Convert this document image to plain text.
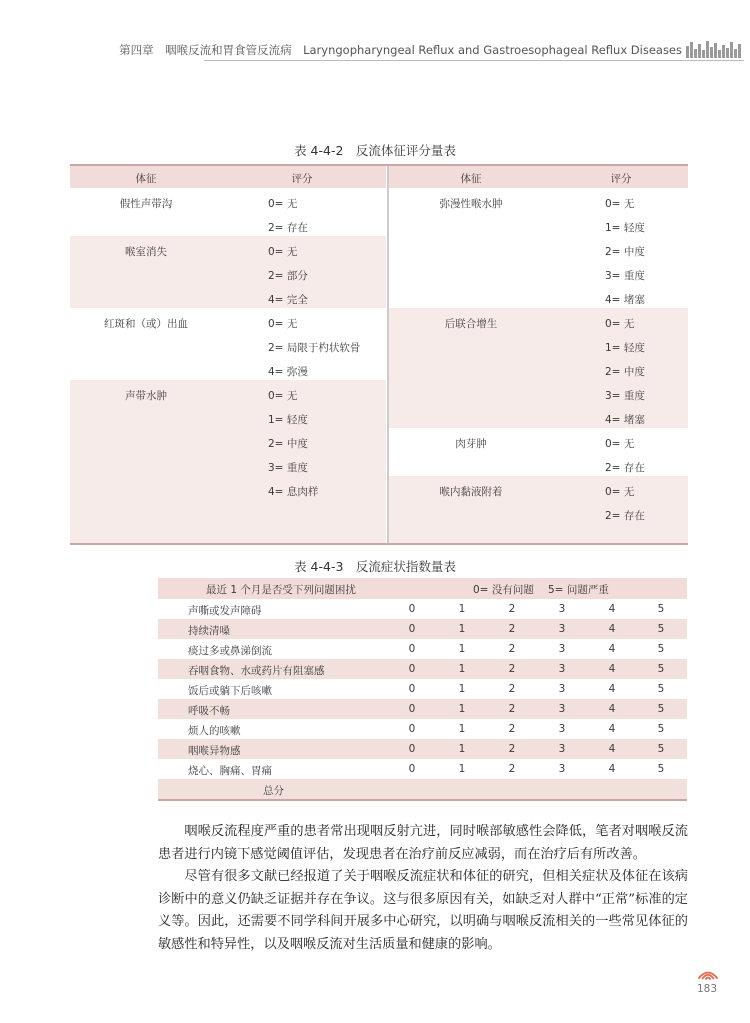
第四章　咽喉反流和胃食管反流病　Laryngopharyngeal Reflux and Gastroesophageal Reflux Diseases
表 4-4-2　反流体征评分量表
体征	评分
假性声带沟	0= 无
2= 存在
喉室消失	0= 无
2= 部分
4= 完全
红斑和（或）出血	0= 无
2= 局限于杓状软骨
4= 弥漫
声带水肿	0= 无
1= 轻度
2= 中度
3= 重度
4= 息肉样
体征	评分
弥漫性喉水肿	0= 无
1= 轻度
2= 中度
3= 重度
4= 堵塞
后联合增生	0= 无
1= 轻度
2= 中度
3= 重度
4= 堵塞
肉芽肿	0= 无
2= 存在
喉内黏液附着	0= 无
2= 存在
表 4-4-3　反流症状指数量表
最近 1 个月是否受下列问题困扰	0= 没有问题 5= 问题严重
声嘶或发声障碍	0	1	2	3	4	5
持续清嗓	0	1	2	3	4	5
痰过多或鼻涕倒流	0	1	2	3	4	5
吞咽食物、水或药片有阻塞感	0	1	2	3	4	5
饭后或躺下后咳嗽	0	1	2	3	4	5
呼吸不畅	0	1	2	3	4	5
烦人的咳嗽	0	1	2	3	4	5
咽喉异物感	0	1	2	3	4	5
烧心、胸痛、胃痛	0	1	2	3	4	5
总分

咽喉反流程度严重的患者常出现咽反射亢进，同时喉部敏感性会降低，笔者对咽喉反流患者进行内镜下感觉阈值评估，发现患者在治疗前反应减弱，而在治疗后有所改善。

尽管有很多文献已经报道了关于咽喉反流症状和体征的研究，但相关症状及体征在该病诊断中的意义仍缺乏证据并存在争议。这与很多原因有关，如缺乏对人群中“正常”标准的定义等。因此，还需要不同学科间开展多中心研究，以明确与咽喉反流相关的一些常见体征的敏感性和特异性，以及咽喉反流对生活质量和健康的影响。

183
